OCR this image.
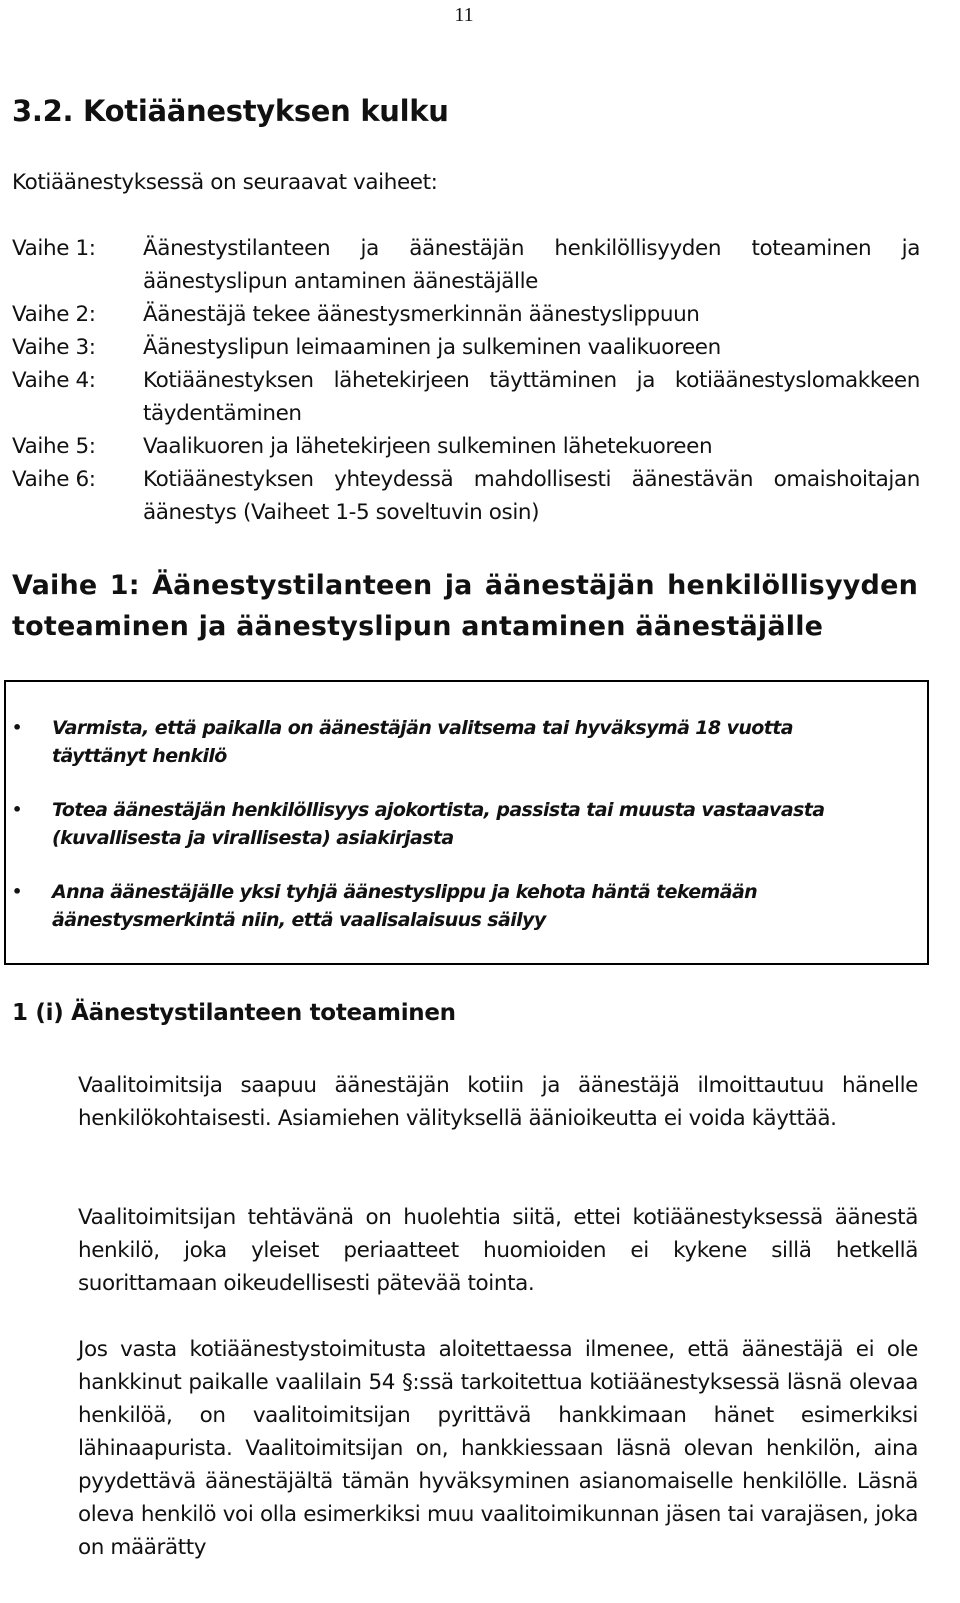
11
3.2. Kotiäänestyksen kulku

Kotiäänestyksessä on seuraavat vaiheet:

Vaihe 1:	Äänestystilanteen ja äänestäjän henkilöllisyyden toteaminen ja äänestyslipun antaminen äänestäjälle
Vaihe 2:	Äänestäjä tekee äänestysmerkinnän äänestyslippuun
Vaihe 3:	Äänestyslipun leimaaminen ja sulkeminen vaalikuoreen
Vaihe 4:	Kotiäänestyksen lähetekirjeen täyttäminen ja kotiäänestyslomakkeen täydentäminen
Vaihe 5:	Vaalikuoren ja lähetekirjeen sulkeminen lähetekuoreen
Vaihe 6:	Kotiäänestyksen yhteydessä mahdollisesti äänestävän omaishoitajan äänestys (Vaiheet 1-5 soveltuvin osin)
Vaihe 1: Äänestystilanteen ja äänestäjän henkilöllisyyden toteaminen ja äänestyslipun antaminen äänestäjälle
• Varmista, että paikalla on äänestäjän valitsema tai hyväksymä 18 vuotta täyttänyt henkilö
• Totea äänestäjän henkilöllisyys ajokortista, passista tai muusta vastaavasta (kuvallisesta ja virallisesta) asiakirjasta
• Anna äänestäjälle yksi tyhjä äänestyslippu ja kehota häntä tekemään äänestysmerkintä niin, että vaalisalaisuus säilyy
1 (i) Äänestystilanteen toteaminen

Vaalitoimitsija saapuu äänestäjän kotiin ja äänestäjä ilmoittautuu hänelle henkilökohtaisesti. Asiamiehen välityksellä äänioikeutta ei voida käyttää.

Vaalitoimitsijan tehtävänä on huolehtia siitä, ettei kotiäänestyksessä äänestä henkilö, joka yleiset periaatteet huomioiden ei kykene sillä hetkellä suorittamaan oikeudellisesti pätevää tointa.

Jos vasta kotiäänestystoimitusta aloitettaessa ilmenee, että äänestäjä ei ole hankkinut paikalle vaalilain 54 §:ssä tarkoitettua kotiäänestyksessä läsnä olevaa henkilöä, on vaalitoimitsijan pyrittävä hankkimaan hänet esimerkiksi lähinaapurista. Vaalitoimitsijan on, hankkiessaan läsnä olevan henkilön, aina pyydettävä äänestäjältä tämän hyväksyminen asianomaiselle henkilölle. Läsnä oleva henkilö voi olla esimerkiksi muu vaalitoimikunnan jäsen tai varajäsen, joka on määrätty
